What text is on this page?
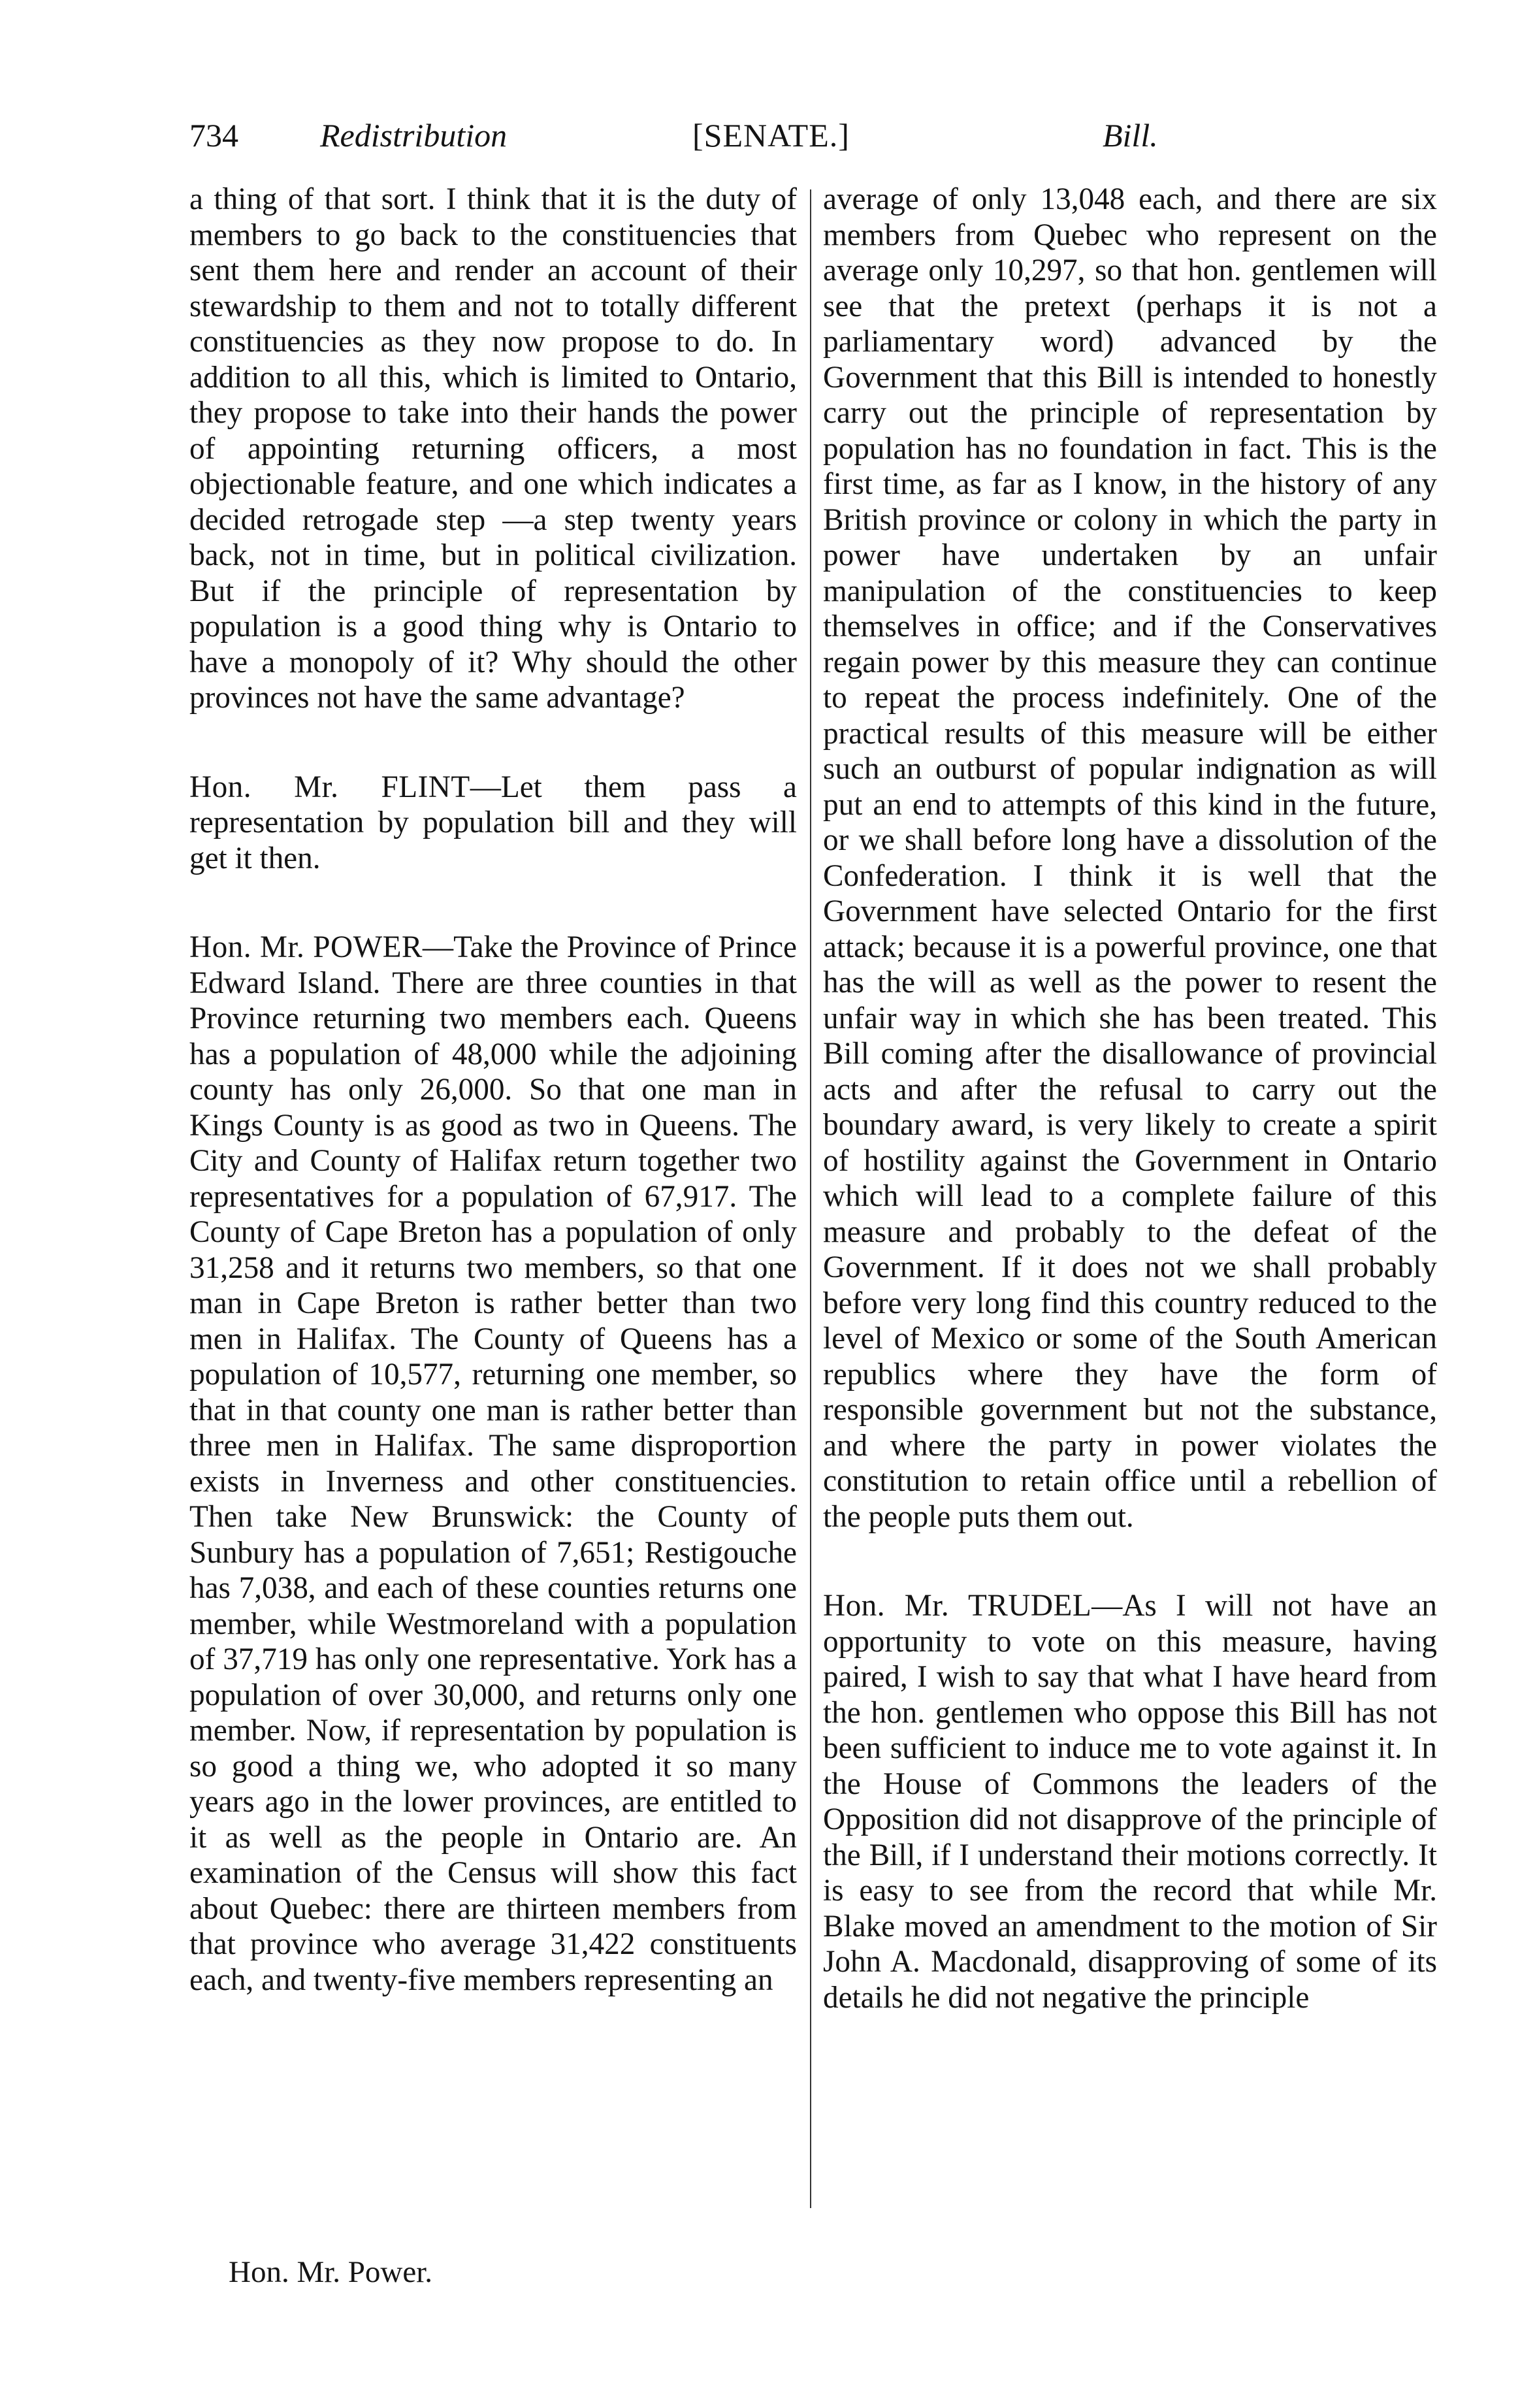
734	Redistribution	[SENATE.]	Bill.

a thing of that sort. I think that it is the duty of members to go back to the constituencies that sent them here and render an account of their stewardship to them and not to totally different constituencies as they now propose to do. In addition to all this, which is limited to Ontario, they propose to take into their hands the power of appointing returning officers, a most objectionable feature, and one which indicates a decided retrogade step —a step twenty years back, not in time, but in political civilization. But if the principle of representation by population is a good thing why is Ontario to have a monopoly of it? Why should the other provinces not have the same advantage?

Hon. Mr. FLINT—Let them pass a representation by population bill and they will get it then.

Hon. Mr. POWER—Take the Province of Prince Edward Island. There are three counties in that Province returning two members each. Queens has a population of 48,000 while the adjoining county has only 26,000. So that one man in Kings County is as good as two in Queens. The City and County of Halifax return together two representatives for a population of 67,917. The County of Cape Breton has a population of only 31,258 and it returns two members, so that one man in Cape Breton is rather better than two men in Halifax. The County of Queens has a population of 10,577, returning one member, so that in that county one man is rather better than three men in Halifax. The same disproportion exists in Inverness and other constituencies. Then take New Brunswick: the County of Sunbury has a population of 7,651; Restigouche has 7,038, and each of these counties returns one member, while Westmoreland with a population of 37,719 has only one representative. York has a population of over 30,000, and returns only one member. Now, if representation by population is so good a thing we, who adopted it so many years ago in the lower provinces, are entitled to it as well as the people in Ontario are. An examination of the Census will show this fact about Quebec: there are thirteen members from that province who average 31,422 constituents each, and twenty-five members representing an

average of only 13,048 each, and there are six members from Quebec who represent on the average only 10,297, so that hon. gentlemen will see that the pretext (perhaps it is not a parliamentary word) advanced by the Government that this Bill is intended to honestly carry out the principle of representation by population has no foundation in fact. This is the first time, as far as I know, in the history of any British province or colony in which the party in power have undertaken by an unfair manipulation of the constituencies to keep themselves in office; and if the Conservatives regain power by this measure they can continue to repeat the process indefinitely. One of the practical results of this measure will be either such an outburst of popular indignation as will put an end to attempts of this kind in the future, or we shall before long have a dissolution of the Confederation. I think it is well that the Government have selected Ontario for the first attack; because it is a powerful province, one that has the will as well as the power to resent the unfair way in which she has been treated. This Bill coming after the disallowance of provincial acts and after the refusal to carry out the boundary award, is very likely to create a spirit of hostility against the Government in Ontario which will lead to a complete failure of this measure and probably to the defeat of the Government. If it does not we shall probably before very long find this country reduced to the level of Mexico or some of the South American republics where they have the form of responsible government but not the substance, and where the party in power violates the constitution to retain office until a rebellion of the people puts them out.

Hon. Mr. TRUDEL—As I will not have an opportunity to vote on this measure, having paired, I wish to say that what I have heard from the hon. gentlemen who oppose this Bill has not been sufficient to induce me to vote against it. In the House of Commons the leaders of the Opposition did not disapprove of the principle of the Bill, if I understand their motions correctly. It is easy to see from the record that while Mr. Blake moved an amendment to the motion of Sir John A. Macdonald, disapproving of some of its details he did not negative the principle

Hon. Mr. Power.
